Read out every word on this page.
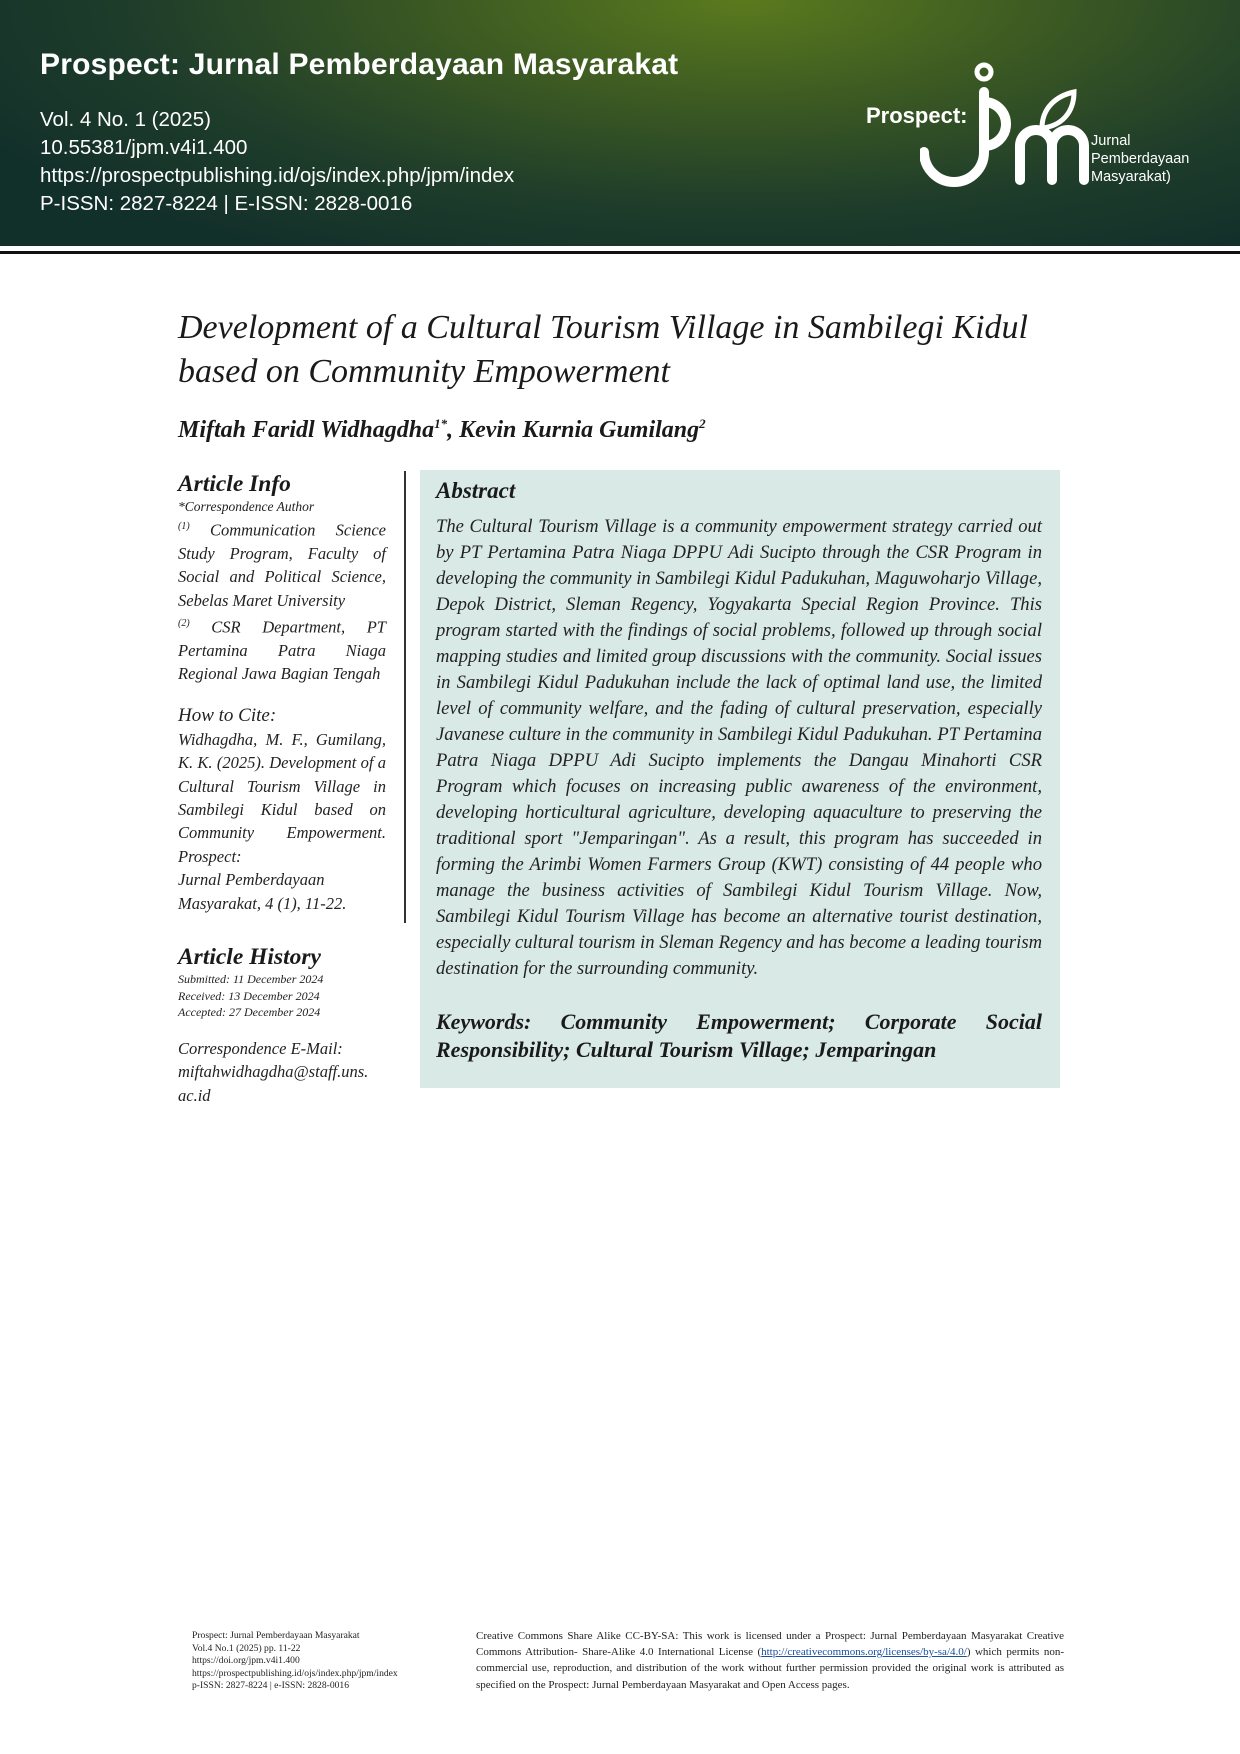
Prospect: Jurnal Pemberdayaan Masyarakat
Vol. 4 No. 1 (2025)
10.55381/jpm.v4i1.400
https://prospectpublishing.id/ojs/index.php/jpm/index
P-ISSN: 2827-8224 | E-ISSN: 2828-0016
Prospect:
Jurnal
Pemberdayaan
Masyarakat)
Development of a Cultural Tourism Village in Sambilegi Kidul based on Community Empowerment
Miftah Faridl Widhagdha$^{1*}$, Kevin Kurnia Gumilang$^2$
Article Info
*Correspondence Author
$^{(1)}$ Communication Science Study Program, Faculty of Social and Political Science, Sebelas Maret University
$^{(2)}$ CSR Department, PT Pertamina Patra Niaga Regional Jawa Bagian Tengah
How to Cite:
Widhagdha, M. F., Gumilang, K. K. (2025). Development of a Cultural Tourism Village in Sambilegi Kidul based on Community Empowerment. Prospect:
Jurnal Pemberdayaan
Masyarakat, 4 (1), 11-22.
Article History
Submitted: 11 December 2024
Received: 13 December 2024
Accepted: 27 December 2024
Correspondence E-Mail:
miftahwidhagdha@staff.uns.
ac.id
Abstract
The Cultural Tourism Village is a community empowerment strategy carried out by PT Pertamina Patra Niaga DPPU Adi Sucipto through the CSR Program in developing the community in Sambilegi Kidul Padukuhan, Maguwoharjo Village, Depok District, Sleman Regency, Yogyakarta Special Region Province. This program started with the findings of social problems, followed up through social mapping studies and limited group discussions with the community. Social issues in Sambilegi Kidul Padukuhan include the lack of optimal land use, the limited level of community welfare, and the fading of cultural preservation, especially Javanese culture in the community in Sambilegi Kidul Padukuhan. PT Pertamina Patra Niaga DPPU Adi Sucipto implements the Dangau Minahorti CSR Program which focuses on increasing public awareness of the environment, developing horticultural agriculture, developing aquaculture to preserving the traditional sport "Jemparingan". As a result, this program has succeeded in forming the Arimbi Women Farmers Group (KWT) consisting of 44 people who manage the business activities of Sambilegi Kidul Tourism Village. Now, Sambilegi Kidul Tourism Village has become an alternative tourist destination, especially cultural tourism in Sleman Regency and has become a leading tourism destination for the surrounding community.
Keywords: Community Empowerment; Corporate Social Responsibility; Cultural Tourism Village; Jemparingan
Prospect: Jurnal Pemberdayaan Masyarakat
Vol.4 No.1 (2025) pp. 11-22
https://doi.org/jpm.v4i1.400
https://prospectpublishing.id/ojs/index.php/jpm/index
p-ISSN: 2827-8224 | e-ISSN: 2828-0016
Creative Commons Share Alike CC-BY-SA: This work is licensed under a Prospect: Jurnal Pemberdayaan Masyarakat Creative Commons Attribution- Share-Alike 4.0 International License (http://creativecommons.org/licenses/by-sa/4.0/) which permits non-commercial use, reproduction, and distribution of the work without further permission provided the original work is attributed as specified on the Prospect: Jurnal Pemberdayaan Masyarakat and Open Access pages.
